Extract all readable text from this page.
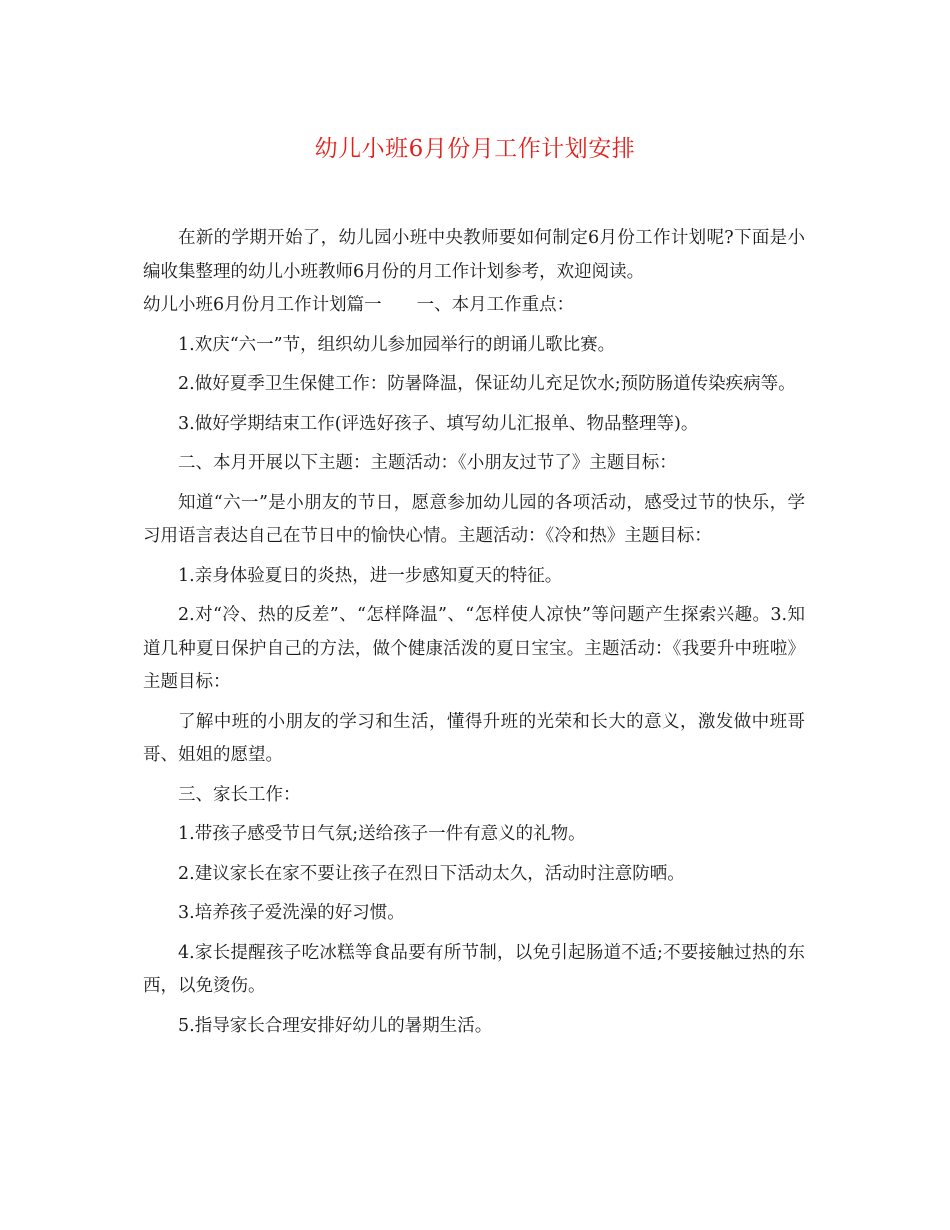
幼儿小班6月份月工作计划安排

在新的学期开始了，幼儿园小班中央教师要如何制定6月份工作计划呢?下面是小编收集整理的幼儿小班教师6月份的月工作计划参考，欢迎阅读。

幼儿小班6月份月工作计划篇一　　一、本月工作重点：

1.欢庆“六一”节，组织幼儿参加园举行的朗诵儿歌比赛。

2.做好夏季卫生保健工作：防暑降温，保证幼儿充足饮水;预防肠道传染疾病等。

3.做好学期结束工作(评选好孩子、填写幼儿汇报单、物品整理等)。

二、本月开展以下主题：主题活动：《小朋友过节了》主题目标：

知道“六一”是小朋友的节日，愿意参加幼儿园的各项活动，感受过节的快乐，学习用语言表达自己在节日中的愉快心情。主题活动：《冷和热》主题目标：

1.亲身体验夏日的炎热，进一步感知夏天的特征。

2.对“冷、热的反差”、“怎样降温”、“怎样使人凉快”等问题产生探索兴趣。3.知道几种夏日保护自己的方法，做个健康活泼的夏日宝宝。主题活动：《我要升中班啦》主题目标：

了解中班的小朋友的学习和生活，懂得升班的光荣和长大的意义，激发做中班哥哥、姐姐的愿望。

三、家长工作：

1.带孩子感受节日气氛;送给孩子一件有意义的礼物。

2.建议家长在家不要让孩子在烈日下活动太久，活动时注意防晒。

3.培养孩子爱洗澡的好习惯。

4.家长提醒孩子吃冰糕等食品要有所节制，以免引起肠道不适;不要接触过热的东西，以免烫伤。

5.指导家长合理安排好幼儿的暑期生活。
